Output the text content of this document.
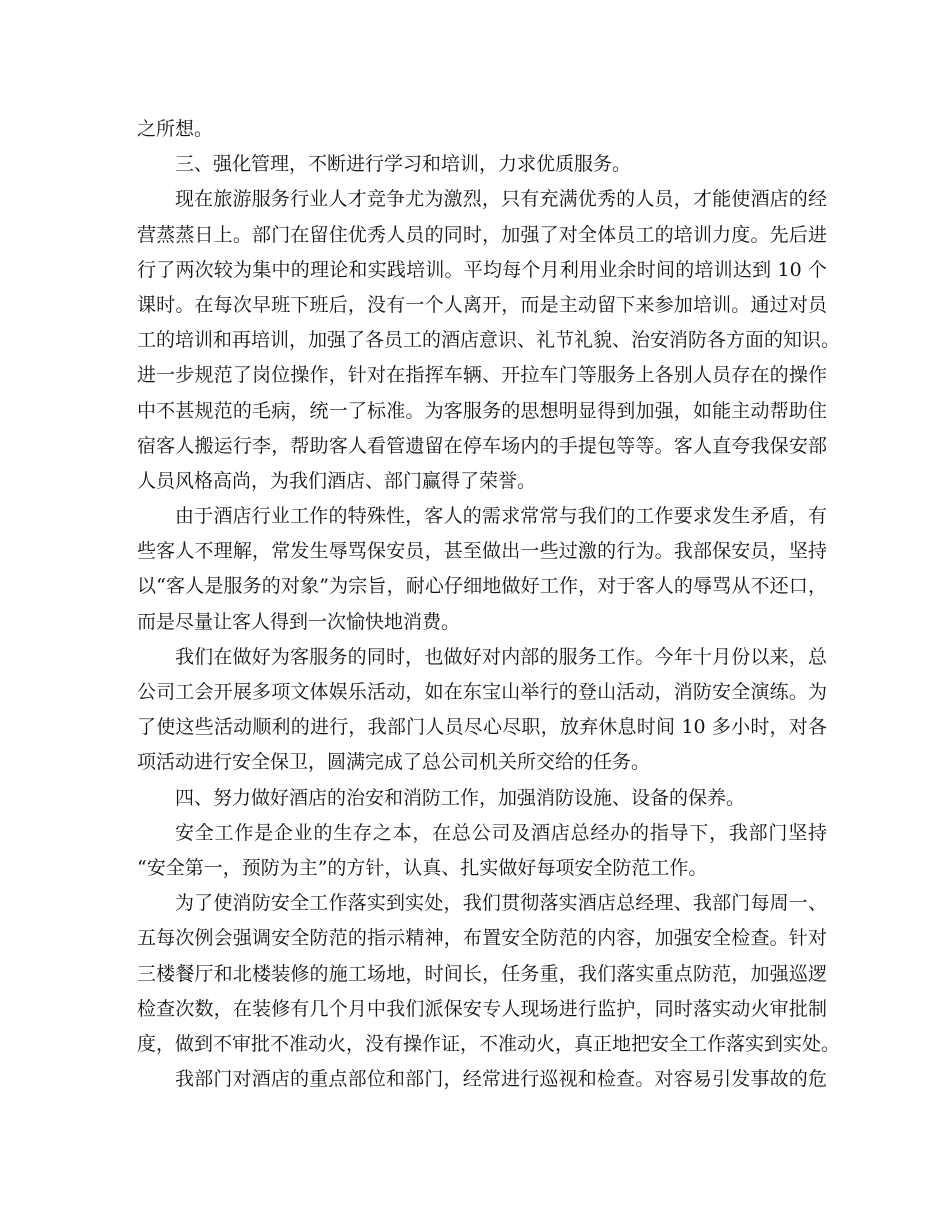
之所想。
三、强化管理，不断进行学习和培训，力求优质服务。
现在旅游服务行业人才竞争尤为激烈，只有充满优秀的人员，才能使酒店的经
营蒸蒸日上。部门在留住优秀人员的同时，加强了对全体员工的培训力度。先后进
行了两次较为集中的理论和实践培训。平均每个月利用业余时间的培训达到 10 个
课时。在每次早班下班后，没有一个人离开，而是主动留下来参加培训。通过对员
工的培训和再培训，加强了各员工的酒店意识、礼节礼貌、治安消防各方面的知识。
进一步规范了岗位操作，针对在指挥车辆、开拉车门等服务上各别人员存在的操作
中不甚规范的毛病，统一了标准。为客服务的思想明显得到加强，如能主动帮助住
宿客人搬运行李，帮助客人看管遗留在停车场内的手提包等等。客人直夸我保安部
人员风格高尚，为我们酒店、部门赢得了荣誉。
由于酒店行业工作的特殊性，客人的需求常常与我们的工作要求发生矛盾，有
些客人不理解，常发生辱骂保安员，甚至做出一些过激的行为。我部保安员，坚持
以“客人是服务的对象”为宗旨，耐心仔细地做好工作，对于客人的辱骂从不还口，
而是尽量让客人得到一次愉快地消费。
我们在做好为客服务的同时，也做好对内部的服务工作。今年十月份以来，总
公司工会开展多项文体娱乐活动，如在东宝山举行的登山活动，消防安全演练。为
了使这些活动顺利的进行，我部门人员尽心尽职，放弃休息时间 10 多小时，对各
项活动进行安全保卫，圆满完成了总公司机关所交给的任务。
四、努力做好酒店的治安和消防工作，加强消防设施、设备的保养。
安全工作是企业的生存之本，在总公司及酒店总经办的指导下，我部门坚持
“安全第一，预防为主”的方针，认真、扎实做好每项安全防范工作。
为了使消防安全工作落实到实处，我们贯彻落实酒店总经理、我部门每周一、
五每次例会强调安全防范的指示精神，布置安全防范的内容，加强安全检查。针对
三楼餐厅和北楼装修的施工场地，时间长，任务重，我们落实重点防范，加强巡逻
检查次数，在装修有几个月中我们派保安专人现场进行监护，同时落实动火审批制
度，做到不审批不准动火，没有操作证，不准动火，真正地把安全工作落实到实处。
我部门对酒店的重点部位和部门，经常进行巡视和检查。对容易引发事故的危
